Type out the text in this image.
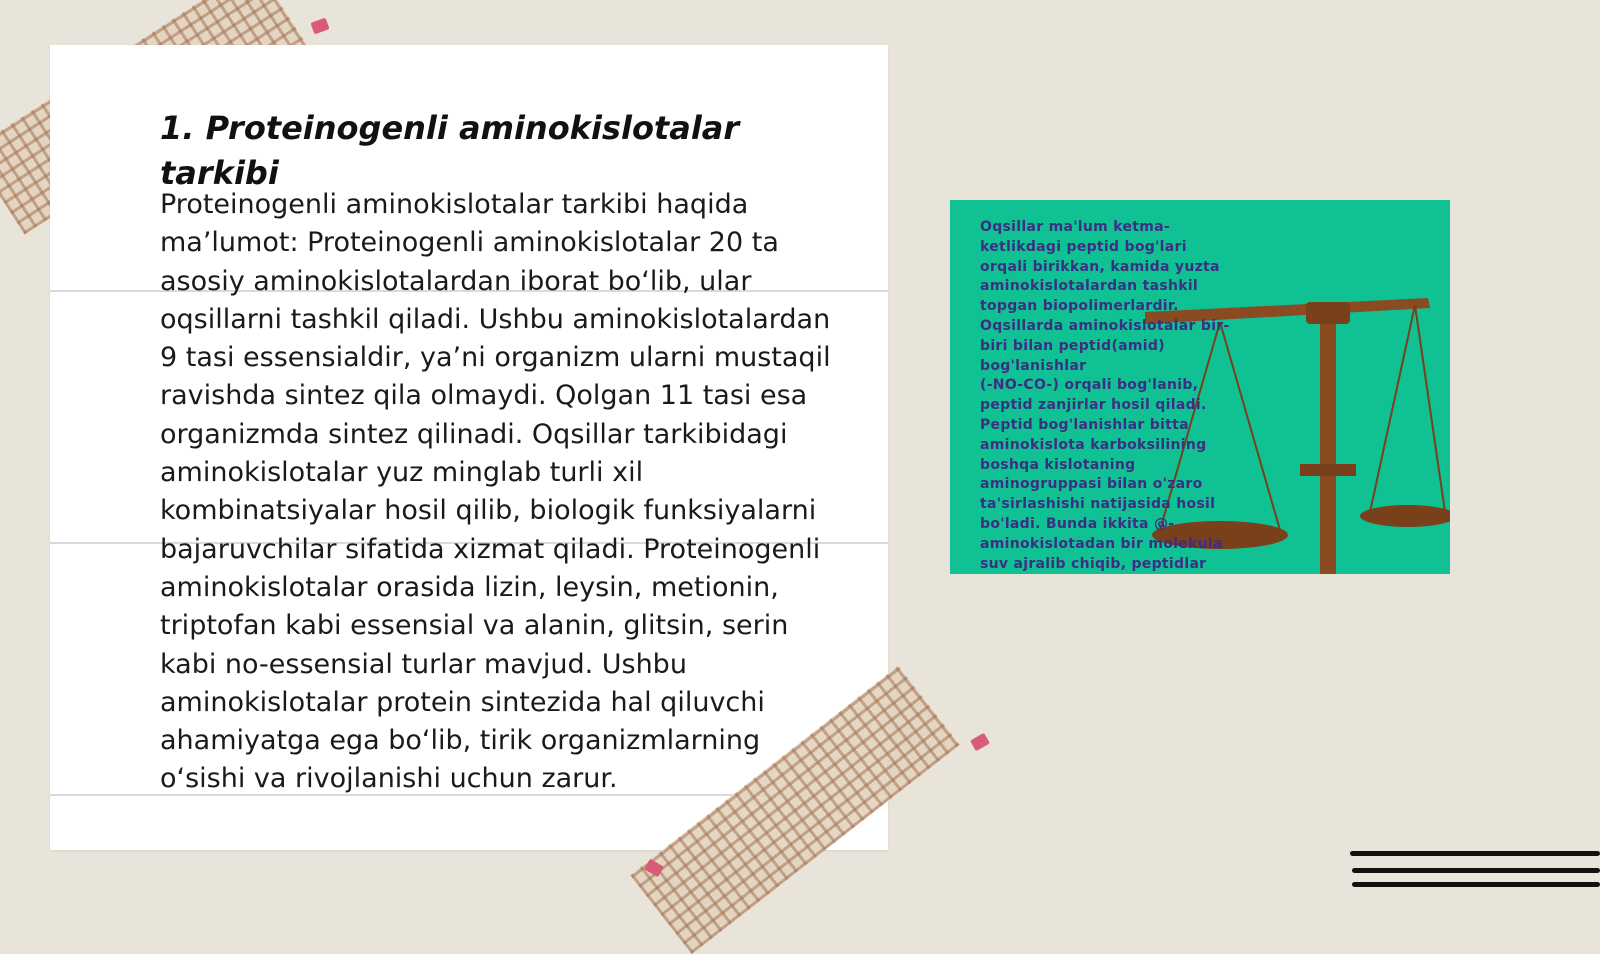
1. Proteinogenli aminokislotalar tarkibi

Proteinogenli aminokislotalar tarkibi haqida ma’lumot: Proteinogenli aminokislotalar 20 ta asosiy aminokislotalardan iborat bo‘lib, ular oqsillarni tashkil qiladi. Ushbu aminokislotalardan 9 tasi essensialdir, ya’ni organizm ularni mustaqil ravishda sintez qila olmaydi. Qolgan 11 tasi esa organizmda sintez qilinadi. Oqsillar tarkibidagi aminokislotalar yuz minglab turli xil kombinatsiyalar hosil qilib, biologik funksiyalarni bajaruvchilar sifatida xizmat qiladi. Proteinogenli aminokislotalar orasida lizin, leysin, metionin, triptofan kabi essensial va alanin, glitsin, serin kabi no-essensial turlar mavjud. Ushbu aminokislotalar protein sintezida hal qiluvchi ahamiyatga ega bo‘lib, tirik organizmlarning o‘sishi va rivojlanishi uchun zarur.

Oqsillar ma'lum ketma-
ketlikdagi peptid bog'lari
orqali birikkan, kamida yuzta
aminokislotalardan tashkil
topgan biopolimerlardir.
Oqsillarda aminokislotalar bir-
biri bilan peptid(amid)
bog'lanishlar
(-NO-CO-) orqali bog'lanib,
peptid zanjirlar hosil qiladi.
Peptid bog'lanishlar bitta
aminokislota karboksilining
boshqa kislotaning
aminogruppasi bilan o'zaro
ta'sirlashishi natijasida hosil
bo'ladi. Bunda ikkita @-
aminokislotadan bir molekula
suv ajralib chiqib, peptidlar
